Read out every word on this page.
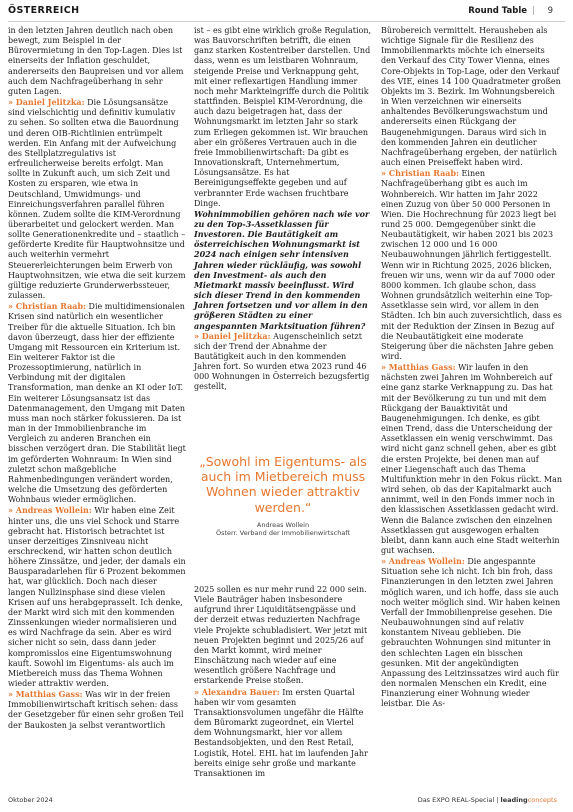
ÖSTERREICH	Round Table | 9

in den letzten Jahren deutlich nach oben bewegt, zum Beispiel in der Bürovermietung in den Top-Lagen. Dies ist einerseits der Inflation geschuldet, andererseits den Baupreisen und vor allem auch dem Nachfrageüberhang in sehr guten Lagen.

» Daniel Jelitzka: Die Lösungsansätze sind vielschichtig und definitiv kumulativ zu sehen. So sollten etwa die Bauordnung und deren OIB-Richtlinien entrümpelt werden. Ein Anfang mit der Aufweichung des Stellplatzregulativs ist erfreulicherweise bereits erfolgt. Man sollte in Zukunft auch, um sich Zeit und Kosten zu ersparen, wie etwa in Deutschland, Umwidmungs- und Einreichungsverfahren parallel führen können. Zudem sollte die KIM-Verordnung überarbeitet und gelockert werden. Man sollte Generationenkredite und – staatlich – geförderte Kredite für Hauptwohnsitze und auch weiterhin vermehrt Steuererleichterungen beim Erwerb von Hauptwohnsitzen, wie etwa die seit kurzem gültige reduzierte Grunderwerbssteuer, zulassen.

» Christian Raab: Die multidimensionalen Krisen sind natürlich ein wesentlicher Treiber für die aktuelle Situation. Ich bin davon überzeugt, dass hier der effiziente Umgang mit Ressourcen ein Kriterium ist. Ein weiterer Faktor ist die Prozessoptimierung, natürlich in Verbindung mit der digitalen Transformation, man denke an KI oder IoT. Ein weiterer Lösungsansatz ist das Datenmanagement, den Umgang mit Daten muss man noch stärker fokussieren. Da ist man in der Immobilienbranche im Vergleich zu anderen Branchen ein bisschen verzögert dran. Die Stabilität liegt im geförderten Wohnraum: In Wien sind zuletzt schon maßgebliche Rahmenbedingungen verändert worden, welche die Umsetzung des geförderten Wohnbaus wieder ermöglichen.

» Andreas Wollein: Wir haben eine Zeit hinter uns, die uns viel Schock und Starre gebracht hat. Historisch betrachtet ist unser derzeitiges Zinsniveau nicht erschreckend, wir hatten schon deutlich höhere Zinssätze, und jeder, der damals ein Bausparadarlehen für 6 Prozent bekommen hat, war glücklich. Doch nach dieser langen Nullzinsphase sind diese vielen Krisen auf uns herabgeprasselt. Ich denke, der Markt wird sich mit den kommenden Zinssenkungen wieder normalisieren und es wird Nachfrage da sein. Aber es wird sicher nicht so sein, dass dann jeder kompromisslos eine Eigentumswohnung kauft. Sowohl im Eigentums- als auch im Mietbereich muss das Thema Wohnen wieder attraktiv werden.

» Matthias Gass: Was wir in der freien Immobilienwirtschaft kritisch sehen: dass der Gesetzgeber für einen sehr großen Teil der Baukosten ja selbst verantwortlich

ist – es gibt eine wirklich große Regulation, was Bauvorschriften betrifft, die einen ganz starken Kostentreiber darstellen. Und dass, wenn es um leistbaren Wohnraum, steigende Preise und Verknappung geht, mit einer reflexartigen Handlung immer noch mehr Markteingriffe durch die Politik stattfinden. Beispiel KIM-Verordnung, die auch dazu beigetragen hat, dass der Wohnungsmarkt im letzten Jahr so stark zum Erliegen gekommen ist. Wir brauchen aber ein größeres Vertrauen auch in die freie Immobilienwirtschaft: Da gibt es Innovationskraft, Unternehmertum, Lösungsansätze. Es hat Bereinigungseffekte gegeben und auf verbrannter Erde wachsen fruchtbare Dinge.

Wohnimmobilien gehören nach wie vor zu den Top-3-Assetklassen für Investoren. Die Bautätigkeit am österreichischen Wohnungsmarkt ist 2024 nach einigen sehr intensiven Jahren wieder rückläufig, was sowohl den Investment- als auch den Mietmarkt massiv beeinflusst. Wird sich dieser Trend in den kommenden Jahren fortsetzen und vor allem in den größeren Städten zu einer angespannten Marktsituation führen?

» Daniel Jelitzka: Augenscheinlich setzt sich der Trend der Abnahme der Bautätigkeit auch in den kommenden Jahren fort. So wurden etwa 2023 rund 46 000 Wohnungen in Österreich bezugsfertig gestellt,

„Sowohl im Eigentums- als auch im Mietbereich muss Wohnen wieder attraktiv werden.“
Andreas Wollein
Österr. Verband der Immobilienwirtschaft

2025 sollen es nur mehr rund 22 000 sein. Viele Bauträger haben insbesondere aufgrund ihrer Liquiditätsengpässe und der derzeit etwas reduzierten Nachfrage viele Projekte schubladisiert. Wer jetzt mit neuen Projekten beginnt und 2025/26 auf den Markt kommt, wird meiner Einschätzung nach wieder auf eine wesentlich größere Nachfrage und erstarkende Preise stoßen.

» Alexandra Bauer: Im ersten Quartal haben wir vom gesamten Transaktionsvolumen ungefähr die Hälfte dem Büromarkt zugeordnet, ein Viertel dem Wohnungsmarkt, hier vor allem Bestandsobjekten, und den Rest Retail, Logistik, Hotel. EHL hat im laufenden Jahr bereits einige sehr große und markante Transaktionen im

Bürobereich vermittelt. Herausheben als wichtige Signale für die Resilienz des Immobilienmarkts möchte ich einerseits den Verkauf des City Tower Vienna, eines Core-Objekts in Top-Lage, oder den Verkauf des VIE, eines 14 100 Quadratmeter großen Objekts im 3. Bezirk. Im Wohnungsbereich in Wien verzeichnen wir einerseits anhaltendes Bevölkerungswachstum und andererseits einen Rückgang der Baugenehmigungen. Daraus wird sich in den kommenden Jahren ein deutlicher Nachfrageüberhang ergeben, der natürlich auch einen Preiseffekt haben wird.

» Christian Raab: Einen Nachfrageüberhang gibt es auch im Wohnbereich. Wir hatten im Jahr 2022 einen Zuzug von über 50 000 Personen in Wien. Die Hochrechnung für 2023 liegt bei rund 25 000. Demgegenüber sinkt die Neubautätigkeit, wir haben 2021 bis 2023 zwischen 12 000 und 16 000 Neubauwohnungen jährlich fertiggestellt. Wenn wir in Richtung 2025, 2026 blicken, freuen wir uns, wenn wir da auf 7000 oder 8000 kommen. Ich glaube schon, dass Wohnen grundsätzlich weiterhin eine Top-Assetklasse sein wird, vor allem in den Städten. Ich bin auch zuversichtlich, dass es mit der Reduktion der Zinsen in Bezug auf die Neubautätigkeit eine moderate Steigerung über die nächsten Jahre geben wird.

» Matthias Gass: Wir laufen in den nächsten zwei Jahren im Wohnbereich auf eine ganz starke Verknappung zu. Das hat mit der Bevölkerung zu tun und mit dem Rückgang der Bauaktivität und Baugenehmigungen. Ich denke, es gibt einen Trend, dass die Unterscheidung der Assetklassen ein wenig verschwimmt. Das wird nicht ganz schnell gehen, aber es gibt die ersten Projekte, bei denen man auf einer Liegenschaft auch das Thema Multifunktion mehr in den Fokus rückt. Man wird sehen, ob das der Kapitalmarkt auch annimmt, weil in den Fonds immer noch in den klassischen Assetklassen gedacht wird. Wenn die Balance zwischen den einzelnen Assetklassen gut ausgewogen erhalten bleibt, dann kann auch eine Stadt weiterhin gut wachsen.

» Andreas Wollein: Die angespannte Situation sehe ich nicht. Ich bin froh, dass Finanzierungen in den letzten zwei Jahren möglich waren, und ich hoffe, dass sie auch noch weiter möglich sind. Wir haben keinen Verfall der Immobilienpreise gesehen. Die Neubauwohnungen sind auf relativ konstantem Niveau geblieben. Die gebrauchten Wohnungen sind mitunter in den schlechten Lagen ein bisschen gesunken. Mit der angekündigten Anpassung des Leitzinssatzes wird auch für den normalen Menschen ein Kredit, eine Finanzierung einer Wohnung wieder leistbar. Die As-

Oktober 2024	Das EXPO REAL-Special | leadingconcepts
